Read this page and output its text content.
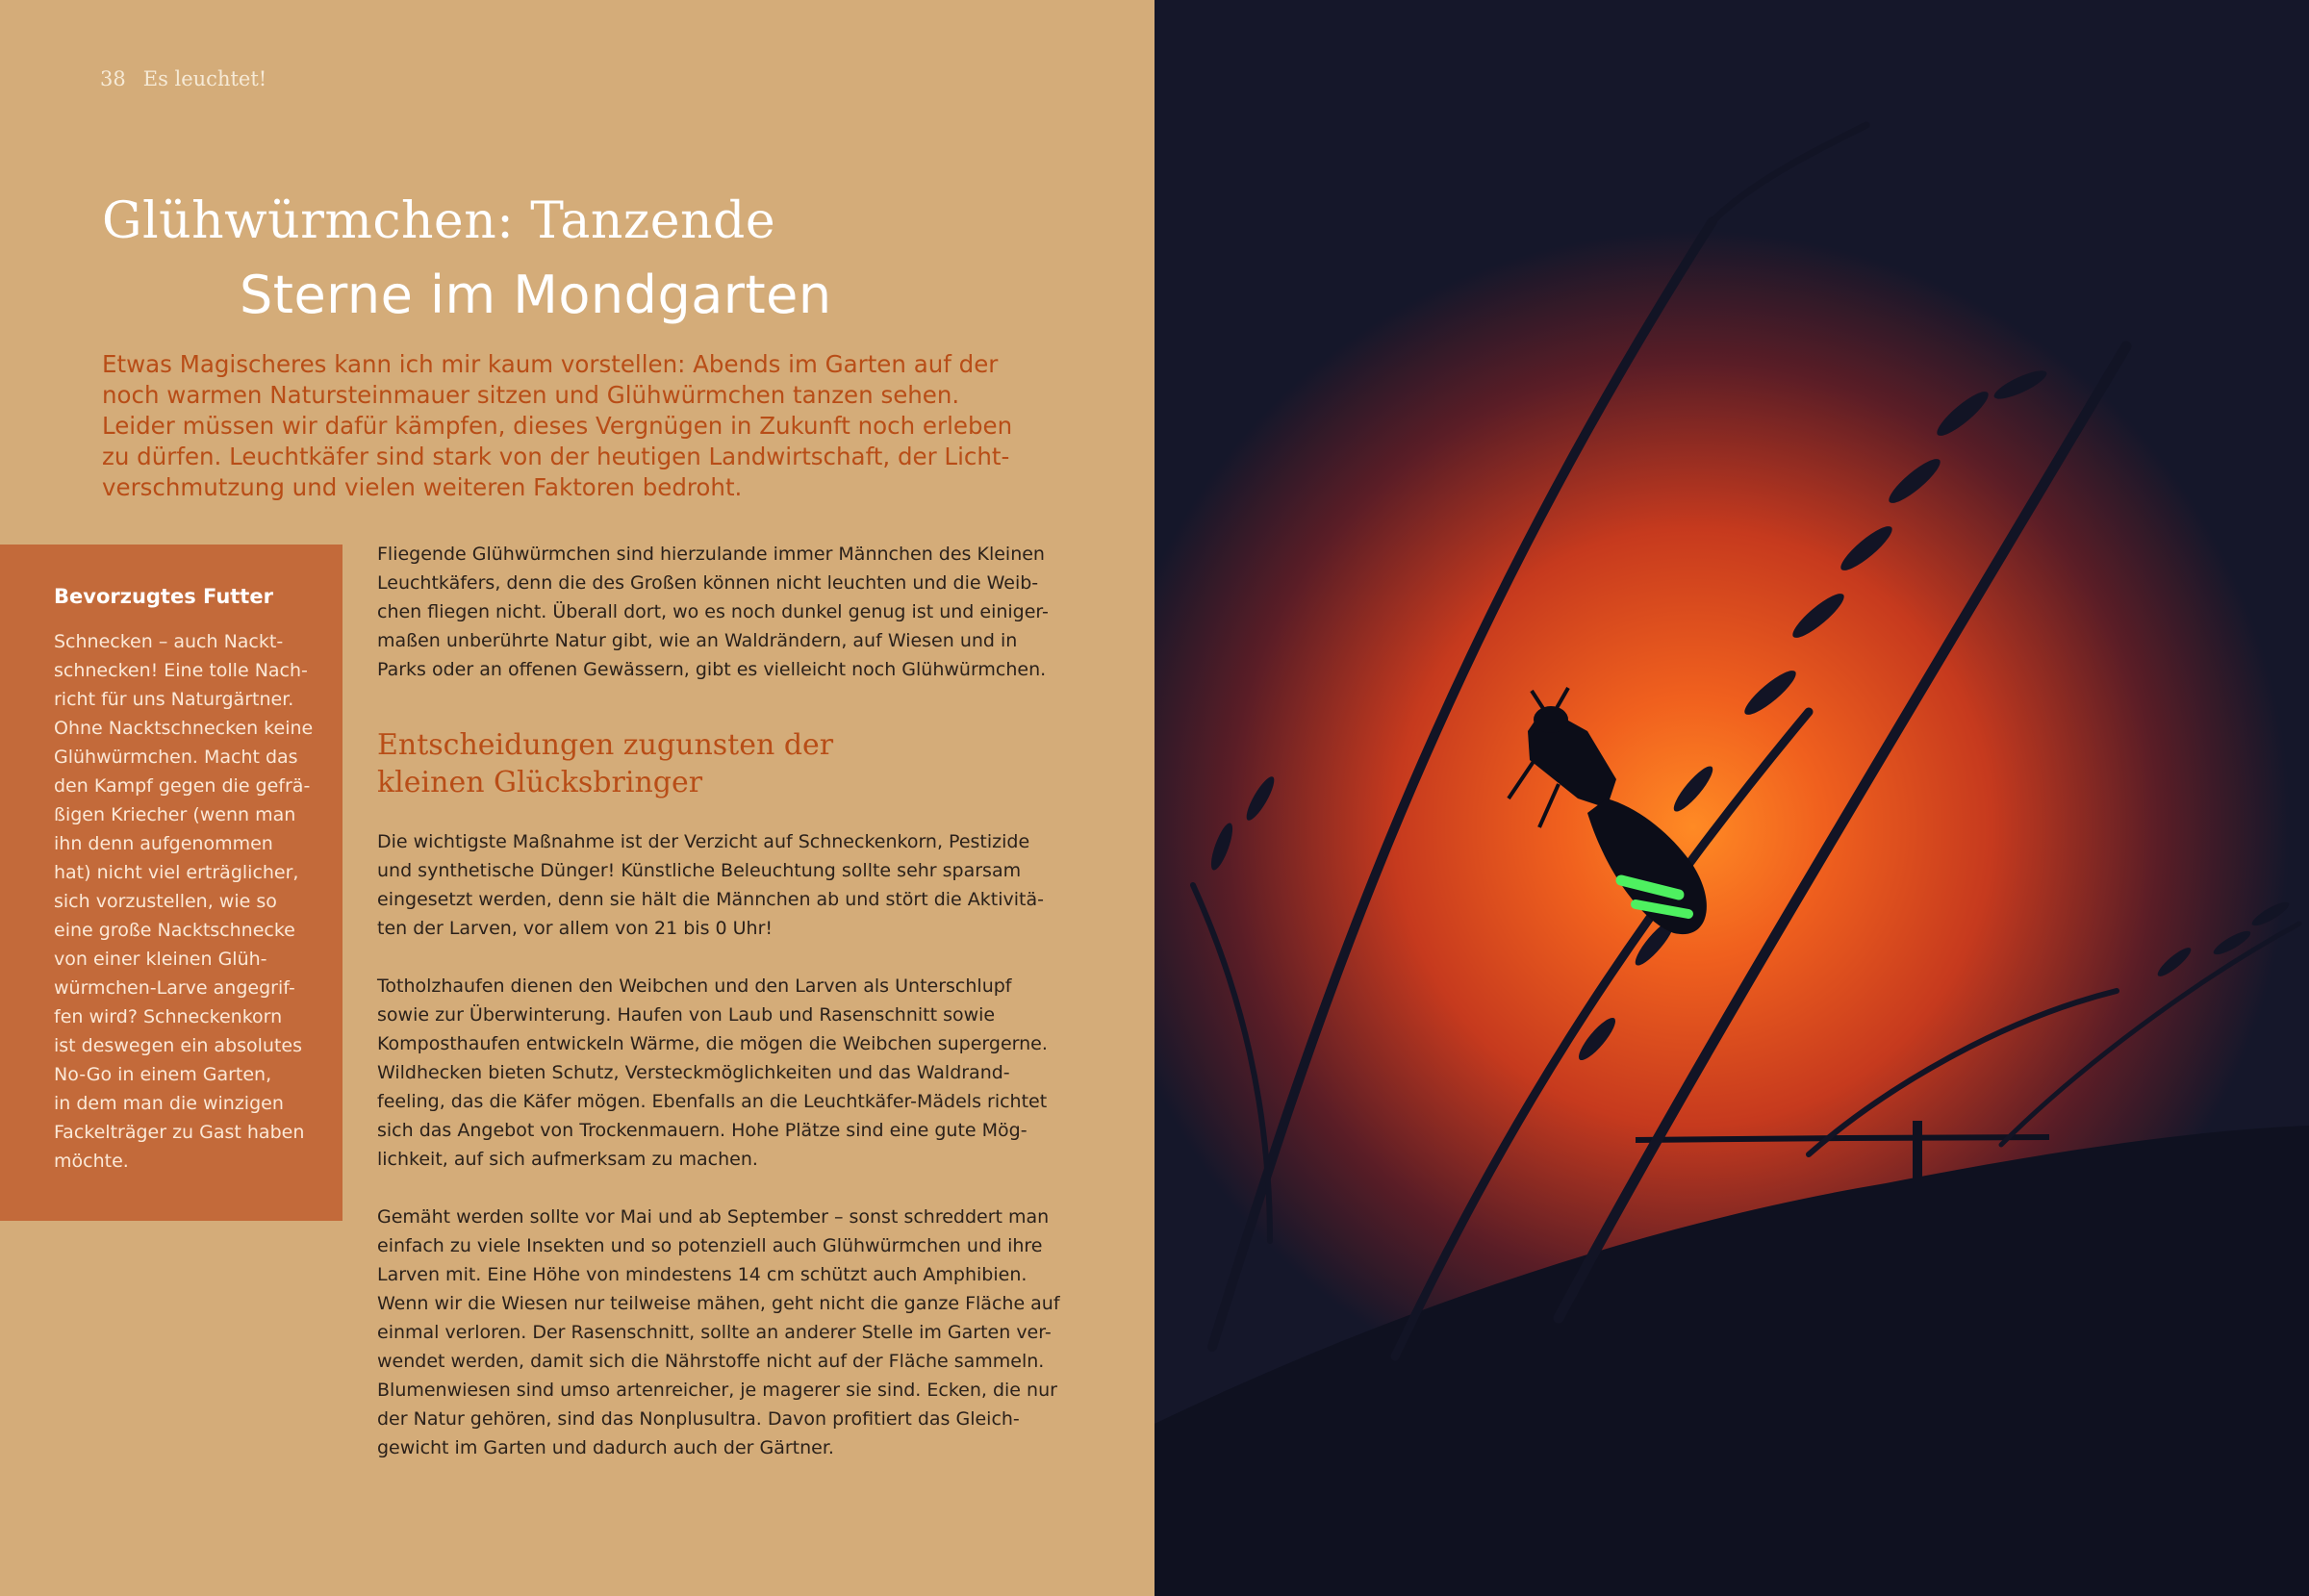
38 Es leuchtet!
Glühwürmchen: Tanzende
Sterne im Mondgarten
Etwas Magischeres kann ich mir kaum vorstellen: Abends im Garten auf der
noch warmen Natursteinmauer sitzen und Glühwürmchen tanzen sehen.
Leider müssen wir dafür kämpfen, dieses Vergnügen in Zukunft noch erleben
zu dürfen. Leuchtkäfer sind stark von der heutigen Landwirtschaft, der Licht-
verschmutzung und vielen weiteren Faktoren bedroht.
Bevorzugtes Futter
Schnecken – auch Nackt-
schnecken! Eine tolle Nach-
richt für uns Naturgärtner.
Ohne Nacktschnecken keine
Glühwürmchen. Macht das
den Kampf gegen die gefrä-
ßigen Kriecher (wenn man
ihn denn aufgenommen
hat) nicht viel erträglicher,
sich vorzustellen, wie so
eine große Nacktschnecke
von einer kleinen Glüh-
würmchen-Larve angegrif-
fen wird? Schneckenkorn
ist deswegen ein absolutes
No-Go in einem Garten,
in dem man die winzigen
Fackelträger zu Gast haben
möchte.
Fliegende Glühwürmchen sind hierzulande immer Männchen des Kleinen
Leuchtkäfers, denn die des Großen können nicht leuchten und die Weib-
chen fliegen nicht. Überall dort, wo es noch dunkel genug ist und einiger-
maßen unberührte Natur gibt, wie an Waldrändern, auf Wiesen und in
Parks oder an offenen Gewässern, gibt es vielleicht noch Glühwürmchen.
Entscheidungen zugunsten der
kleinen Glücksbringer
Die wichtigste Maßnahme ist der Verzicht auf Schneckenkorn, Pestizide
und synthetische Dünger! Künstliche Beleuchtung sollte sehr sparsam
eingesetzt werden, denn sie hält die Männchen ab und stört die Aktivitä-
ten der Larven, vor allem von 21 bis 0 Uhr!
Totholzhaufen dienen den Weibchen und den Larven als Unterschlupf
sowie zur Überwinterung. Haufen von Laub und Rasenschnitt sowie
Komposthaufen entwickeln Wärme, die mögen die Weibchen supergerne.
Wildhecken bieten Schutz, Versteckmöglichkeiten und das Waldrand-
feeling, das die Käfer mögen. Ebenfalls an die Leuchtkäfer-Mädels richtet
sich das Angebot von Trockenmauern. Hohe Plätze sind eine gute Mög-
lichkeit, auf sich aufmerksam zu machen.
Gemäht werden sollte vor Mai und ab September – sonst schreddert man
einfach zu viele Insekten und so potenziell auch Glühwürmchen und ihre
Larven mit. Eine Höhe von mindestens 14 cm schützt auch Amphibien.
Wenn wir die Wiesen nur teilweise mähen, geht nicht die ganze Fläche auf
einmal verloren. Der Rasenschnitt, sollte an anderer Stelle im Garten ver-
wendet werden, damit sich die Nährstoffe nicht auf der Fläche sammeln.
Blumenwiesen sind umso artenreicher, je magerer sie sind. Ecken, die nur
der Natur gehören, sind das Nonplusultra. Davon profitiert das Gleich-
gewicht im Garten und dadurch auch der Gärtner.
